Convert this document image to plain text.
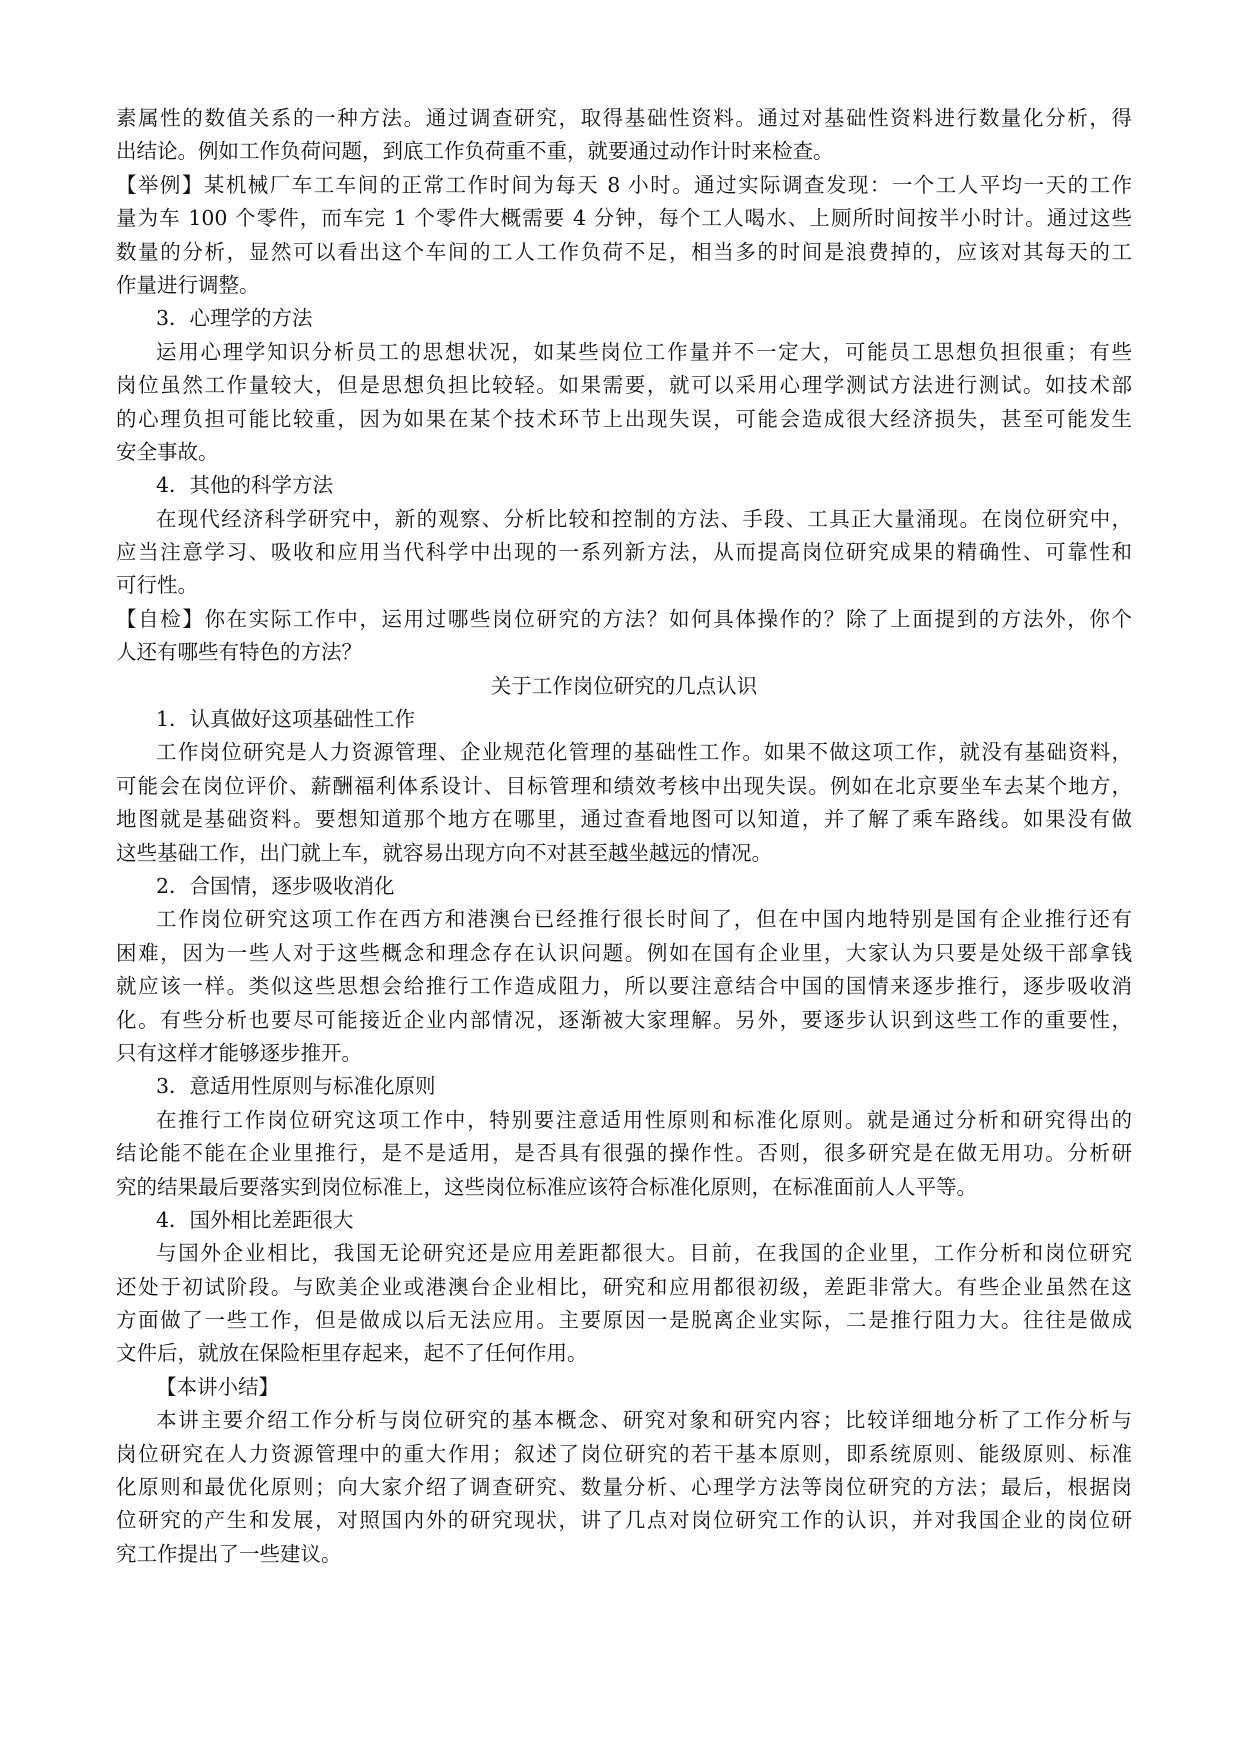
素属性的数值关系的一种方法。通过调查研究，取得基础性资料。通过对基础性资料进行数量化分析，得
出结论。例如工作负荷问题，到底工作负荷重不重，就要通过动作计时来检查。
【举例】某机械厂车工车间的正常工作时间为每天 8 小时。通过实际调查发现：一个工人平均一天的工作
量为车 100 个零件，而车完 1 个零件大概需要 4 分钟，每个工人喝水、上厕所时间按半小时计。通过这些
数量的分析，显然可以看出这个车间的工人工作负荷不足，相当多的时间是浪费掉的，应该对其每天的工
作量进行调整。
3．心理学的方法
运用心理学知识分析员工的思想状况，如某些岗位工作量并不一定大，可能员工思想负担很重；有些
岗位虽然工作量较大，但是思想负担比较轻。如果需要，就可以采用心理学测试方法进行测试。如技术部
的心理负担可能比较重，因为如果在某个技术环节上出现失误，可能会造成很大经济损失，甚至可能发生
安全事故。
4．其他的科学方法
在现代经济科学研究中，新的观察、分析比较和控制的方法、手段、工具正大量涌现。在岗位研究中，
应当注意学习、吸收和应用当代科学中出现的一系列新方法，从而提高岗位研究成果的精确性、可靠性和
可行性。
【自检】你在实际工作中，运用过哪些岗位研究的方法？如何具体操作的？除了上面提到的方法外，你个
人还有哪些有特色的方法？
关于工作岗位研究的几点认识
1．认真做好这项基础性工作
工作岗位研究是人力资源管理、企业规范化管理的基础性工作。如果不做这项工作，就没有基础资料，
可能会在岗位评价、薪酬福利体系设计、目标管理和绩效考核中出现失误。例如在北京要坐车去某个地方，
地图就是基础资料。要想知道那个地方在哪里，通过查看地图可以知道，并了解了乘车路线。如果没有做
这些基础工作，出门就上车，就容易出现方向不对甚至越坐越远的情况。
2．合国情，逐步吸收消化
工作岗位研究这项工作在西方和港澳台已经推行很长时间了，但在中国内地特别是国有企业推行还有
困难，因为一些人对于这些概念和理念存在认识问题。例如在国有企业里，大家认为只要是处级干部拿钱
就应该一样。类似这些思想会给推行工作造成阻力，所以要注意结合中国的国情来逐步推行，逐步吸收消
化。有些分析也要尽可能接近企业内部情况，逐渐被大家理解。另外，要逐步认识到这些工作的重要性，
只有这样才能够逐步推开。
3．意适用性原则与标准化原则
在推行工作岗位研究这项工作中，特别要注意适用性原则和标准化原则。就是通过分析和研究得出的
结论能不能在企业里推行，是不是适用，是否具有很强的操作性。否则，很多研究是在做无用功。分析研
究的结果最后要落实到岗位标准上，这些岗位标准应该符合标准化原则，在标准面前人人平等。
4．国外相比差距很大
与国外企业相比，我国无论研究还是应用差距都很大。目前，在我国的企业里，工作分析和岗位研究
还处于初试阶段。与欧美企业或港澳台企业相比，研究和应用都很初级，差距非常大。有些企业虽然在这
方面做了一些工作，但是做成以后无法应用。主要原因一是脱离企业实际，二是推行阻力大。往往是做成
文件后，就放在保险柜里存起来，起不了任何作用。
【本讲小结】
本讲主要介绍工作分析与岗位研究的基本概念、研究对象和研究内容；比较详细地分析了工作分析与
岗位研究在人力资源管理中的重大作用；叙述了岗位研究的若干基本原则，即系统原则、能级原则、标准
化原则和最优化原则；向大家介绍了调查研究、数量分析、心理学方法等岗位研究的方法；最后，根据岗
位研究的产生和发展，对照国内外的研究现状，讲了几点对岗位研究工作的认识，并对我国企业的岗位研
究工作提出了一些建议。
